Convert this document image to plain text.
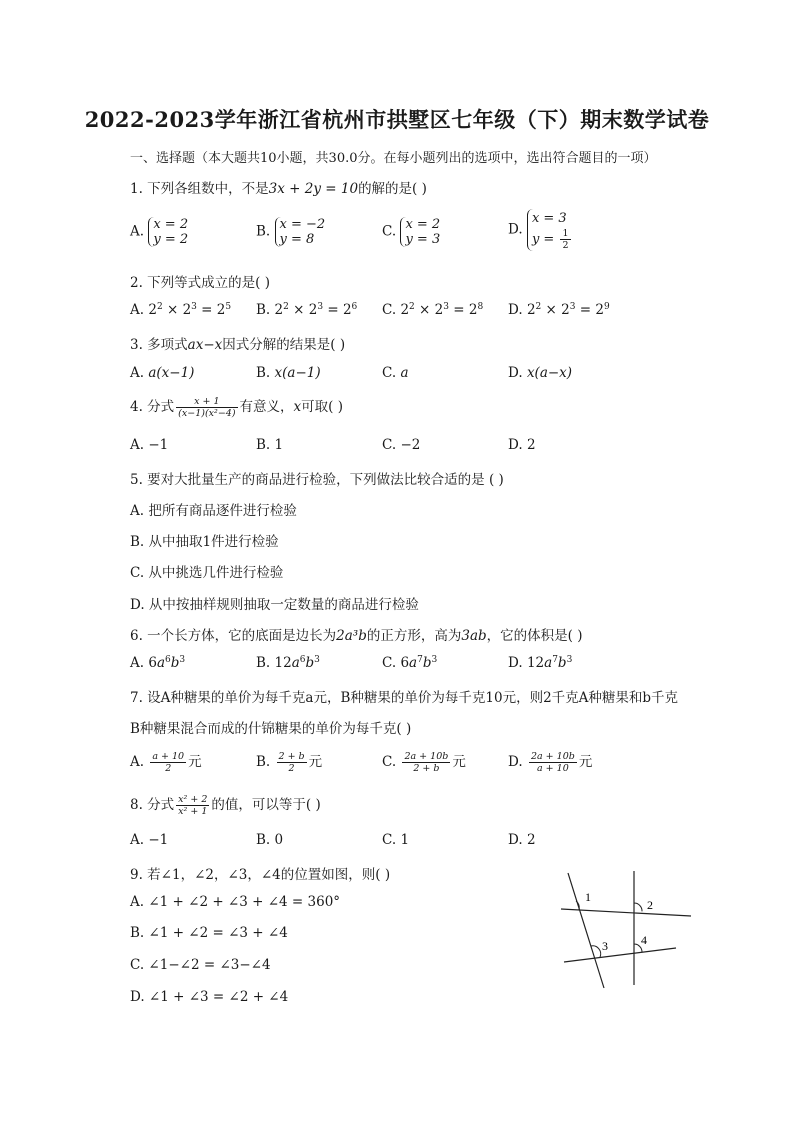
2022-2023学年浙江省杭州市拱墅区七年级（下）期末数学试卷
一、选择题（本大题共10小题，共30.0分。在每小题列出的选项中，选出符合题目的一项）
1. 下列各组数中，不是3x + 2y = 10的解的是( )
A. x = 2
y = 2	B. x = −2
y = 8	C. x = 2
y = 3
D. x = 3
$y = \frac{1}{2}$
2. 下列等式成立的是( )
A. $2^2 \times 2^3 = 2^5$ B. $2^2 \times 2^3 = 2^6$ C. $2^2 \times 2^3 = 2^8$ D. $2^2 \times 2^3 = 2^9$
3. 多项式ax−x因式分解的结果是( )
A. a(x−1)	B. x(a−1)	C. a	D. x(a−x)
4. 分式 $\frac{x + 1}{\text{(x−1)(x²−4)}}$ 有意义，x可取( )
A. −1	B. 1	C. −2	D. 2
5. 要对大批量生产的商品进行检验，下列做法比较合适的是 ( )
A. 把所有商品逐件进行检验
B. 从中抽取1件进行检验
C. 从中挑选几件进行检验
D. 从中按抽样规则抽取一定数量的商品进行检验
6. 一个长方体，它的底面是边长为2a³b的正方形，高为3ab，它的体积是( )
A. $6a^6b^3$	B. $12a^6b^3$	C. $6a^7b^3$	D. $12a^7b^3$
7. 设A种糖果的单价为每千克a元，B种糖果的单价为每千克10元，则2千克A种糖果和b千克
B种糖果混合而成的什锦糖果的单价为每千克( )
A. $\frac{a + 10}{2}$ 元	B. $\frac{2 + b}{2}$ 元	C. $\frac{2a + 10b}{2 + b}$ 元	D. $\frac{2a + 10b}{a + 10}$ 元
8. 分式 $\frac{\text{x² + 2}}{\text{x² + 1}}$ 的值，可以等于( )
A. −1	B. 0	C. 1	D. 2
9. 若∠1，∠2，∠3，∠4的位置如图，则( )
A. ∠1 + ∠2 + ∠3 + ∠4 = 360°
B. ∠1 + ∠2 = ∠3 + ∠4
C. ∠1−∠2 = ∠3−∠4
D. ∠1 + ∠3 = ∠2 + ∠4
1
2
3	4
